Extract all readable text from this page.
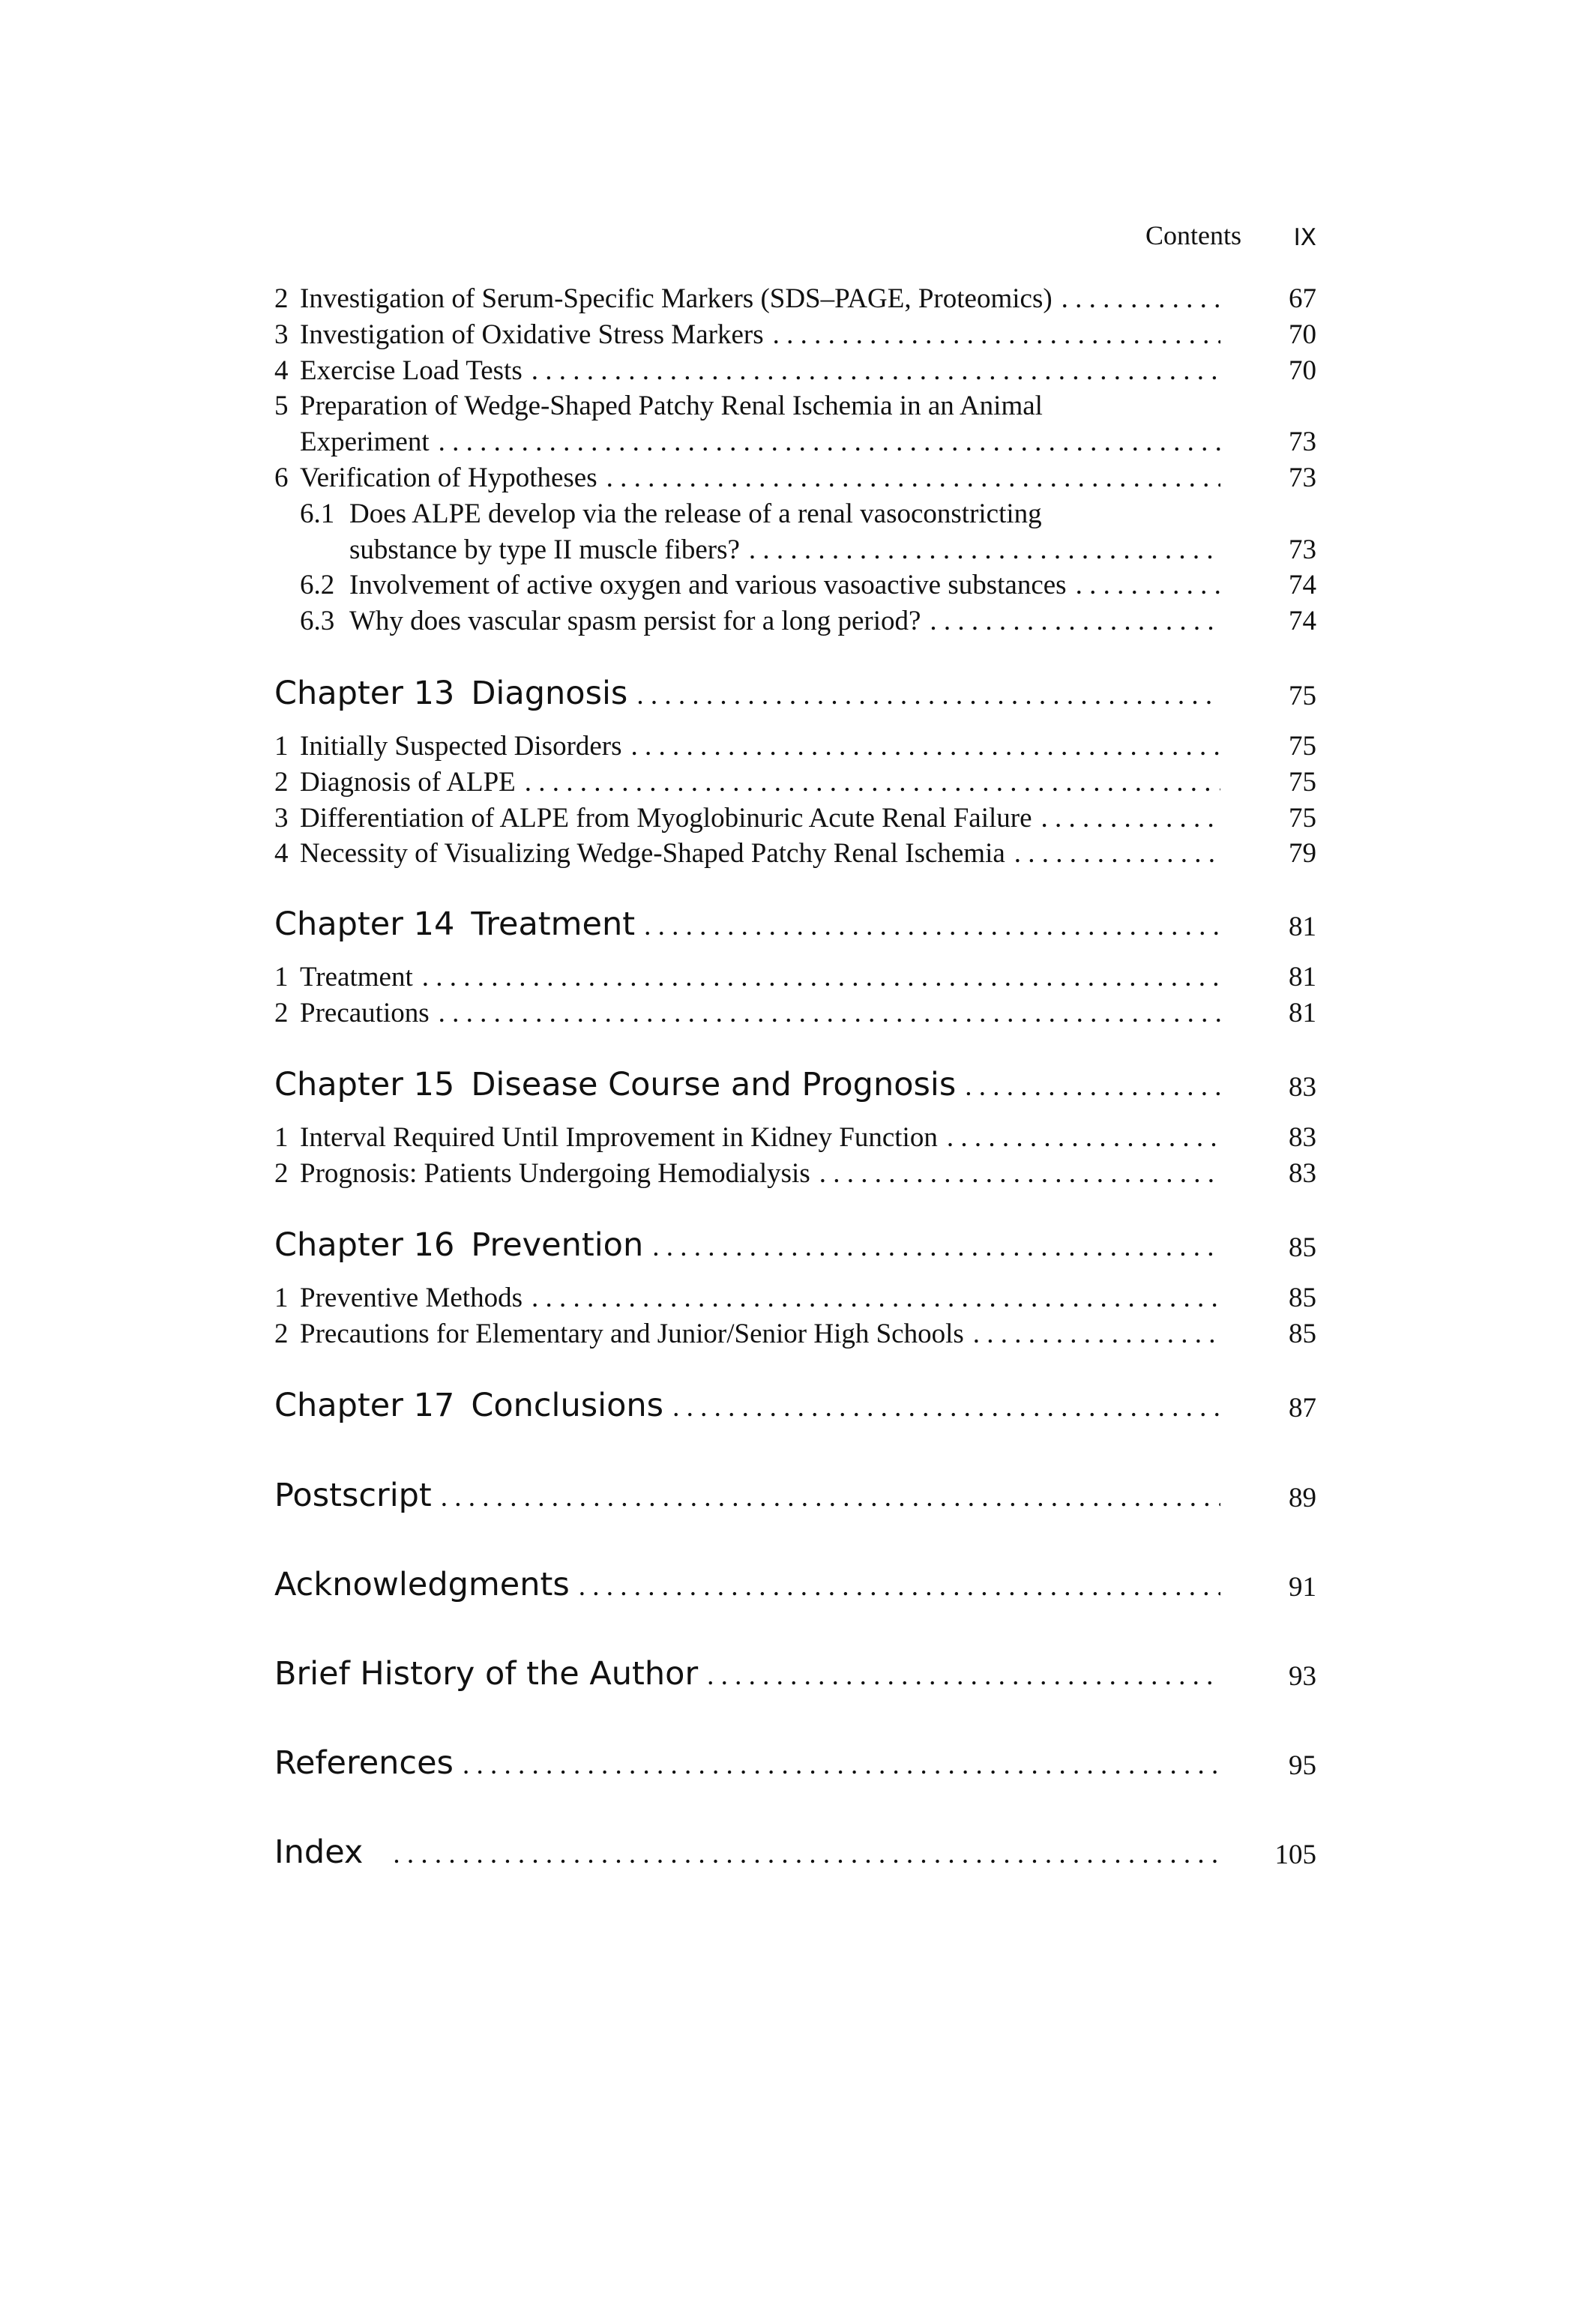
Contents IX
2 Investigation of Serum-Specific Markers (SDS–PAGE, Proteomics) . . .	67
3 Investigation of Oxidative Stress Markers . . .	70
4 Exercise Load Tests . . .	70
5 Preparation of Wedge-Shaped Patchy Renal Ischemia in an Animal
Experiment . . .	73
6 Verification of Hypotheses . . .	73
6.1 Does ALPE develop via the release of a renal vasoconstricting
substance by type II muscle fibers? . . .	73
6.2 Involvement of active oxygen and various vasoactive substances . . .	74
6.3 Why does vascular spasm persist for a long period? . . .	74
Chapter 13 Diagnosis . . .	75
1 Initially Suspected Disorders . . .	75
2 Diagnosis of ALPE . . .	75
3 Differentiation of ALPE from Myoglobinuric Acute Renal Failure . . .	75
4 Necessity of Visualizing Wedge-Shaped Patchy Renal Ischemia . . .	79
Chapter 14 Treatment . . .	81
1 Treatment . . .	81
2 Precautions . . .	81
Chapter 15 Disease Course and Prognosis . . .	83
1 Interval Required Until Improvement in Kidney Function . . .	83
2 Prognosis: Patients Undergoing Hemodialysis . . .	83
Chapter 16 Prevention . . .	85
1 Preventive Methods . . .	85
2 Precautions for Elementary and Junior/Senior High Schools . . .	85
Chapter 17 Conclusions . . .	87
Postscript . . .	89
Acknowledgments . . .	91
Brief History of the Author . . .	93
References . . .	95
Index . . .	105
